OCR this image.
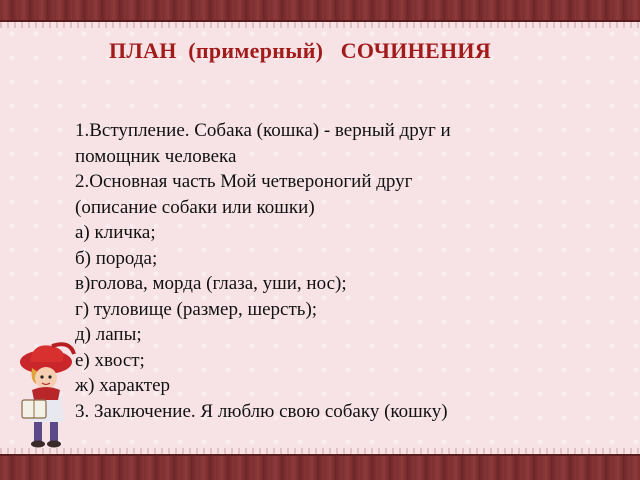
ПЛАН  (примерный)   СОЧИНЕНИЯ
1.Вступление. Собака (кошка) - верный друг и
помощник человека
2.Основная часть Мой четвероногий друг
(описание собаки или кошки)
а) кличка;
б) порода;
в)голова, морда (глаза, уши, нос);
г) туловище (размер, шерсть);
д) лапы;
е) хвост;
ж) характер
3. Заключение. Я люблю свою собаку (кошку)
